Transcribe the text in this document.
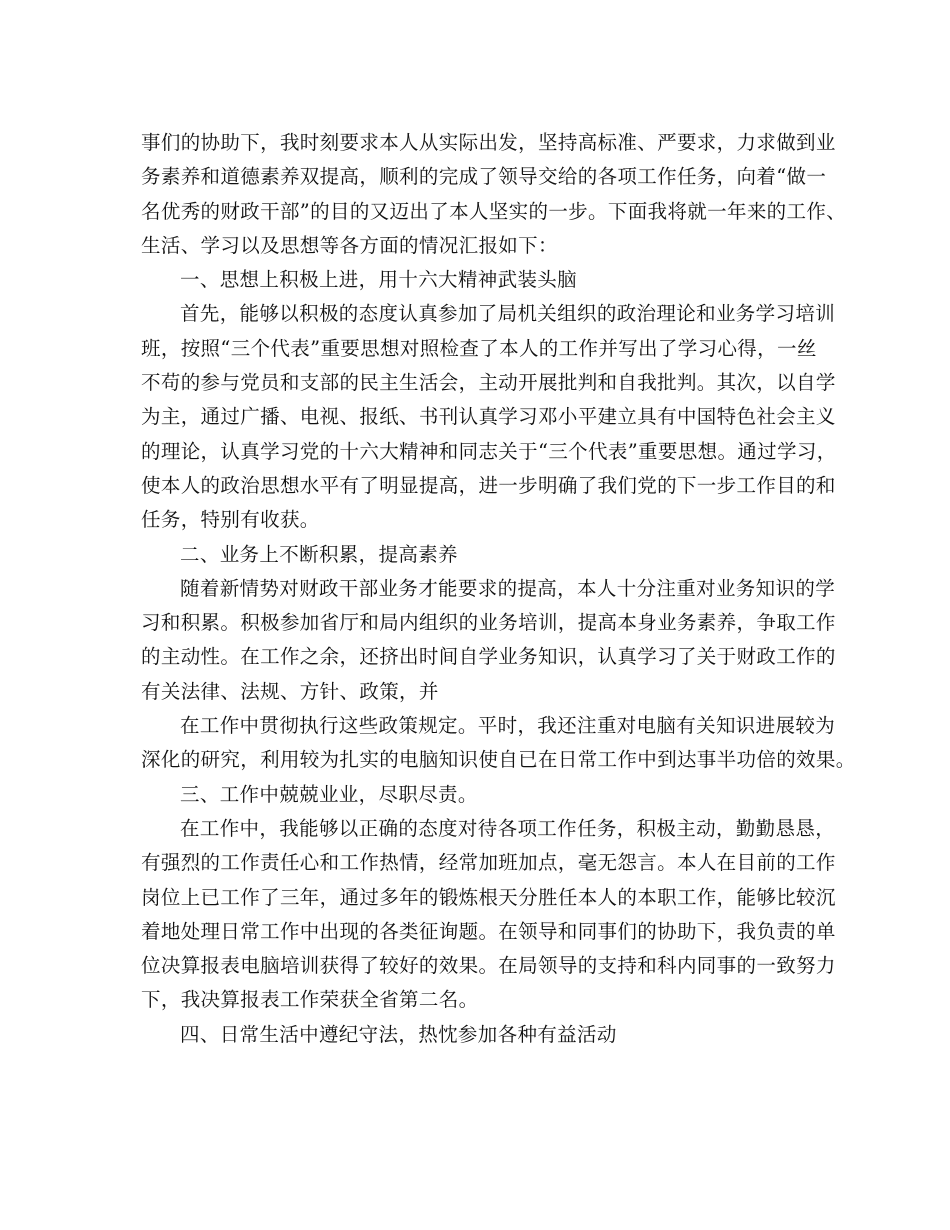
事们的协助下，我时刻要求本人从实际出发，坚持高标准、严要求，力求做到业
务素养和道德素养双提高，顺利的完成了领导交给的各项工作任务，向着“做一
名优秀的财政干部”的目的又迈出了本人坚实的一步。下面我将就一年来的工作、
生活、学习以及思想等各方面的情况汇报如下：
一、思想上积极上进，用十六大精神武装头脑
首先，能够以积极的态度认真参加了局机关组织的政治理论和业务学习培训
班，按照“三个代表”重要思想对照检查了本人的工作并写出了学习心得，一丝
不苟的参与党员和支部的民主生活会，主动开展批判和自我批判。其次，以自学
为主，通过广播、电视、报纸、书刊认真学习邓小平建立具有中国特色社会主义
的理论，认真学习党的十六大精神和同志关于“三个代表”重要思想。通过学习，
使本人的政治思想水平有了明显提高，进一步明确了我们党的下一步工作目的和
任务，特别有收获。
二、业务上不断积累，提高素养
随着新情势对财政干部业务才能要求的提高，本人十分注重对业务知识的学
习和积累。积极参加省厅和局内组织的业务培训，提高本身业务素养，争取工作
的主动性。在工作之余，还挤出时间自学业务知识，认真学习了关于财政工作的
有关法律、法规、方针、政策，并
在工作中贯彻执行这些政策规定。平时，我还注重对电脑有关知识进展较为
深化的研究，利用较为扎实的电脑知识使自已在日常工作中到达事半功倍的效果。
三、工作中兢兢业业，尽职尽责。
在工作中，我能够以正确的态度对待各项工作任务，积极主动，勤勤恳恳，
有强烈的工作责任心和工作热情，经常加班加点，毫无怨言。本人在目前的工作
岗位上已工作了三年，通过多年的锻炼根天分胜任本人的本职工作，能够比较沉
着地处理日常工作中出现的各类征询题。在领导和同事们的协助下，我负责的单
位决算报表电脑培训获得了较好的效果。在局领导的支持和科内同事的一致努力
下，我决算报表工作荣获全省第二名。
四、日常生活中遵纪守法，热忱参加各种有益活动
